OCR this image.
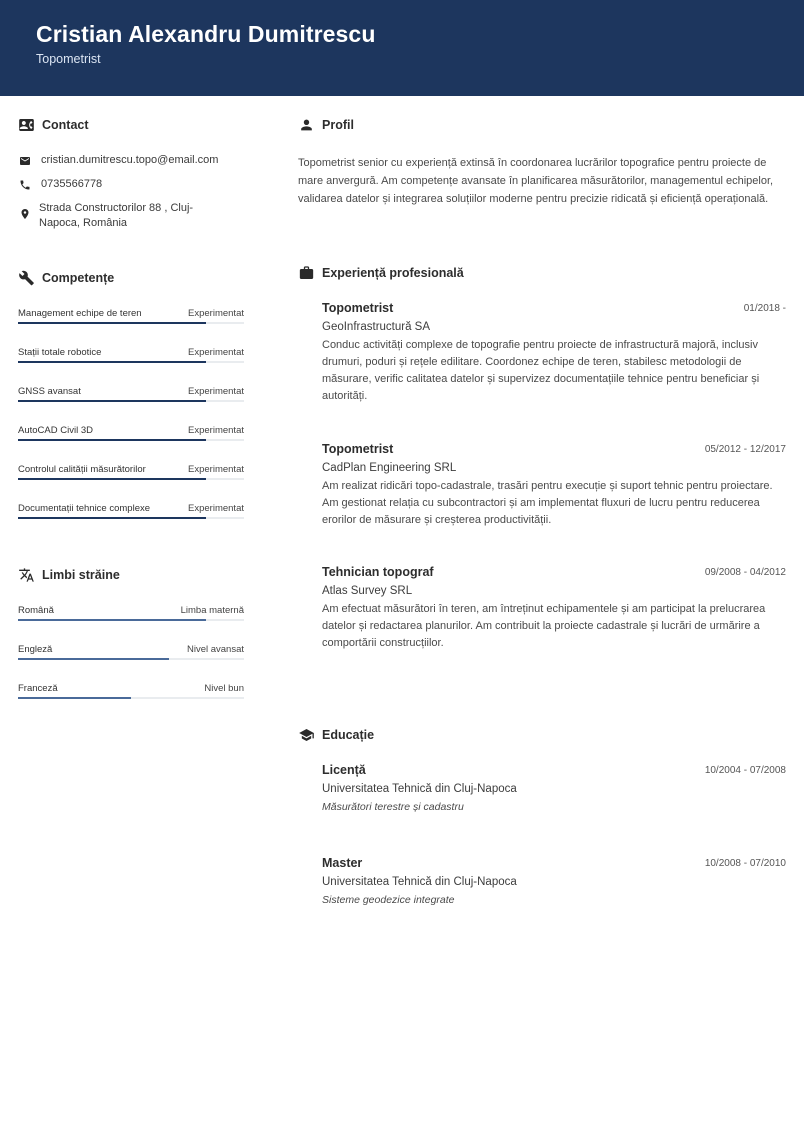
Cristian Alexandru Dumitrescu
Topometrist
Contact
cristian.dumitrescu.topo@email.com
0735566778
Strada Constructorilor 88 , Cluj-Napoca, România
Competențe
Management echipe de teren	Experimentat
Stații totale robotice	Experimentat
GNSS avansat	Experimentat
AutoCAD Civil 3D	Experimentat
Controlul calității măsurătorilor	Experimentat
Documentații tehnice complexe	Experimentat
Limbi străine
Română	Limba maternă
Engleză	Nivel avansat
Franceză	Nivel bun
Profil
Topometrist senior cu experiență extinsă în coordonarea lucrărilor topografice pentru proiecte de mare anvergură. Am competențe avansate în planificarea măsurătorilor, managementul echipelor, validarea datelor și integrarea soluțiilor moderne pentru precizie ridicată și eficiență operațională.
Experiență profesională
Topometrist	01/2018 -
GeoInfrastructură SA
Conduc activități complexe de topografie pentru proiecte de infrastructură majoră, inclusiv drumuri, poduri și rețele edilitare. Coordonez echipe de teren, stabilesc metodologii de măsurare, verific calitatea datelor și supervizez documentațiile tehnice pentru beneficiar și autorități.
Topometrist	05/2012 - 12/2017
CadPlan Engineering SRL
Am realizat ridicări topo-cadastrale, trasări pentru execuție și suport tehnic pentru proiectare. Am gestionat relația cu subcontractori și am implementat fluxuri de lucru pentru reducerea erorilor de măsurare și creșterea productivității.
Tehnician topograf	09/2008 - 04/2012
Atlas Survey SRL
Am efectuat măsurători în teren, am întreținut echipamentele și am participat la prelucrarea datelor și redactarea planurilor. Am contribuit la proiecte cadastrale și lucrări de urmărire a comportării construcțiilor.
Educație
Licență	10/2004 - 07/2008
Universitatea Tehnică din Cluj-Napoca
Măsurători terestre și cadastru
Master	10/2008 - 07/2010
Universitatea Tehnică din Cluj-Napoca
Sisteme geodezice integrate
